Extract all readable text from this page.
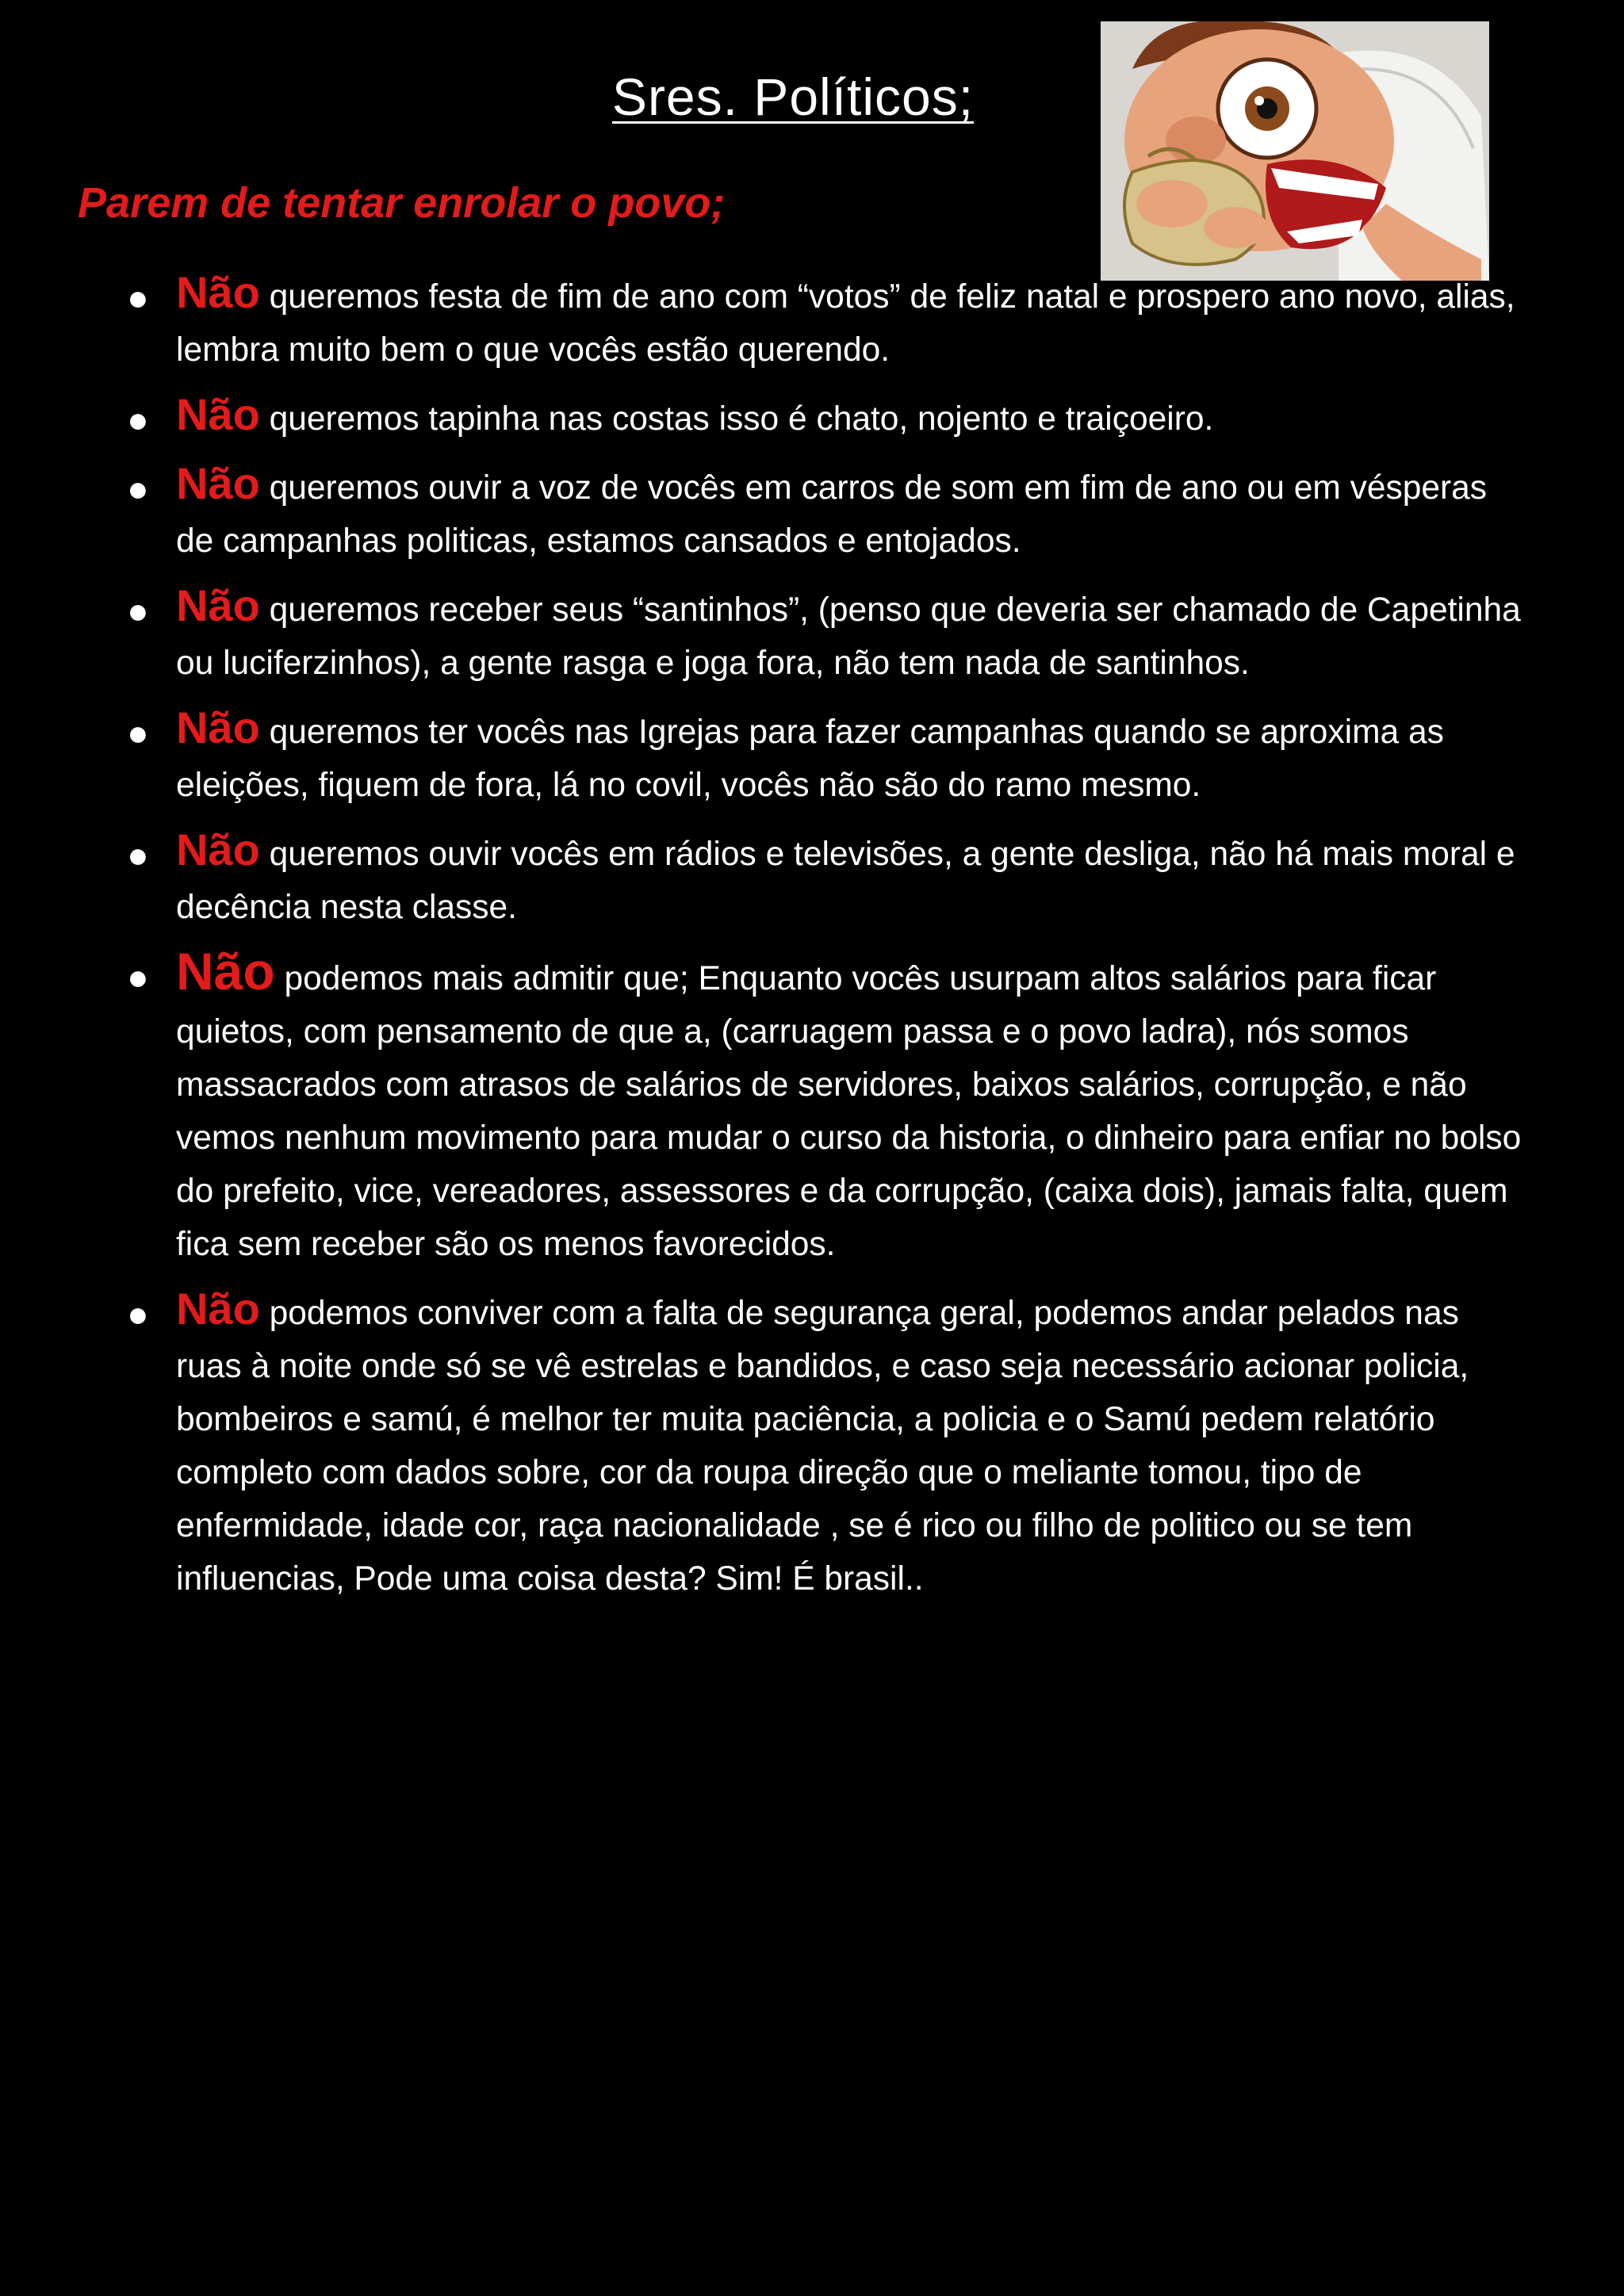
Sres. Políticos;
Parem de tentar enrolar o povo;
● Não queremos festa de fim de ano com “votos” de feliz natal e prospero ano novo, alias, lembra muito bem o que vocês estão querendo.
● Não queremos tapinha nas costas isso é chato, nojento e traiçoeiro.
● Não queremos ouvir a voz de vocês em carros de som em fim de ano ou em vésperas de campanhas politicas, estamos cansados e entojados.
● Não queremos receber seus “santinhos”, (penso que deveria ser chamado de Capetinha ou luciferzinhos), a gente rasga e joga fora, não tem nada de santinhos.
● Não queremos ter vocês nas Igrejas para fazer campanhas quando se aproxima as eleições, fiquem de fora, lá no covil, vocês não são do ramo mesmo.
● Não queremos ouvir vocês em rádios e televisões, a gente desliga, não há mais moral e decência nesta classe.
● Não podemos mais admitir que; Enquanto vocês usurpam altos salários para ficar quietos, com pensamento de que a, (carruagem passa e o povo ladra), nós somos massacrados com atrasos de salários de servidores, baixos salários, corrupção, e não vemos nenhum movimento para mudar o curso da historia, o dinheiro para enfiar no bolso do prefeito, vice, vereadores, assessores e da corrupção, (caixa dois), jamais falta, quem fica sem receber são os menos favorecidos.
● Não podemos conviver com a falta de segurança geral, podemos andar pelados nas ruas à noite onde só se vê estrelas e bandidos, e caso seja necessário acionar policia, bombeiros e samú, é melhor ter muita paciência, a policia e o Samú pedem relatório completo com dados sobre, cor da roupa direção que o meliante tomou, tipo de enfermidade, idade cor, raça nacionalidade , se é rico ou filho de politico ou se tem influencias, Pode uma coisa desta? Sim! É brasil..
